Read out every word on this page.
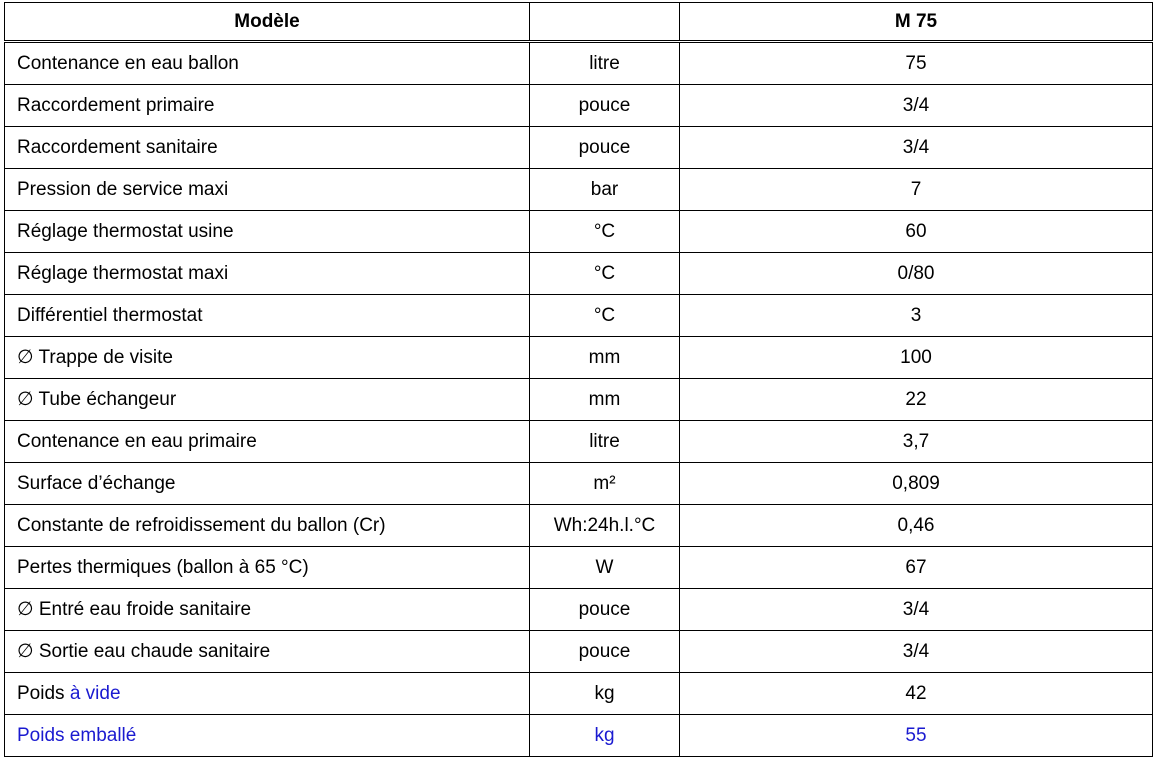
Modèle		M 75
Contenance en eau ballon	litre	75
Raccordement primaire	pouce	3/4
Raccordement sanitaire	pouce	3/4
Pression de service maxi	bar	7
Réglage thermostat usine	°C	60
Réglage thermostat maxi	°C	0/80
Différentiel thermostat	°C	3
∅ Trappe de visite	mm	100
∅ Tube échangeur	mm	22
Contenance en eau primaire	litre	3,7
Surface d’échange	m²	0,809
Constante de refroidissement du ballon (Cr)	Wh:24h.l.°C	0,46
Pertes thermiques (ballon à 65 °C)	W	67
∅ Entré eau froide sanitaire	pouce	3/4
∅ Sortie eau chaude sanitaire	pouce	3/4
Poids à vide	kg	42
Poids emballé	kg	55
